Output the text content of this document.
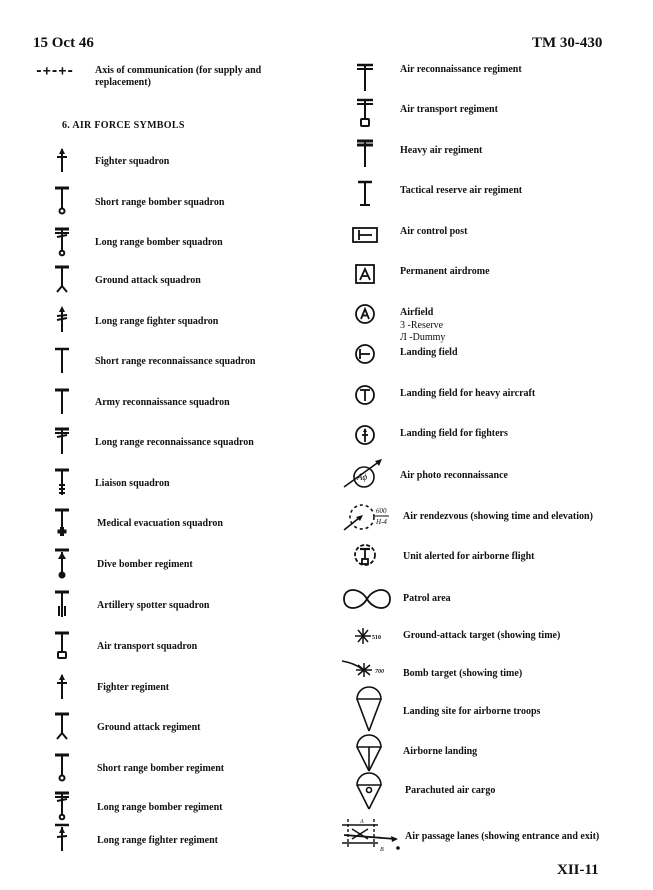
15 Oct 46	TM 30-430
-+-+- Axis of communication (for supply and
replacement)
6. AIR FORCE SYMBOLS
Fighter squadron
Short range bomber squadron
Long range bomber squadron
Ground attack squadron
Long range fighter squadron
Short range reconnaissance squadron
Army reconnaissance squadron
Long range reconnaissance squadron
Liaison squadron
Medical evacuation squadron
Dive bomber regiment
Artillery spotter squadron
Air transport squadron
Fighter regiment
Ground attack regiment
Short range bomber regiment
Long range bomber regiment
Long range fighter regiment
Air reconnaissance regiment
Air transport regiment
Heavy air regiment
Tactical reserve air regiment
Air control post
Permanent airdrome
Airfield
3 -Reserve
Л -Dummy
Landing field
Landing field for heavy aircraft
Landing field for fighters
Aϕ	Air photo reconnaissance
600
H-4 Air rendezvous (showing time and elevation)
Unit alerted for airborne flight
Patrol area
510 Ground-attack target (showing time)
700 Bomb target (showing time)
Landing site for airborne troops
Airborne landing
Parachuted air cargo
A
B
Air passage lanes (showing entrance and exit)
XII-11
